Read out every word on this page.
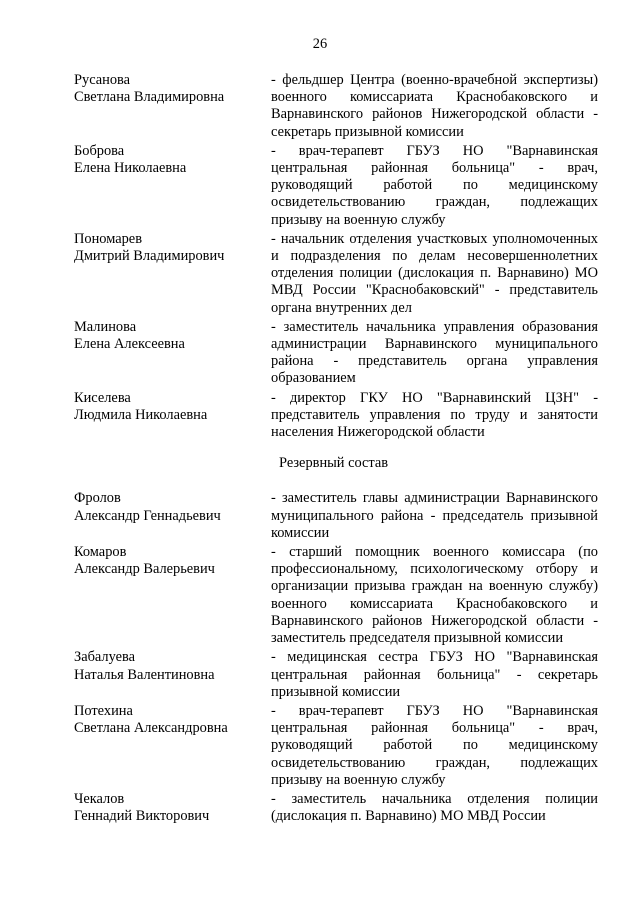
26
Русанова
Светлана Владимировна
- фельдшер Центра (военно-врачебной экспертизы) военного комиссариата Краснобаковского и Варнавинского районов Нижегородской области - секретарь призывной комиссии
Боброва
Елена Николаевна
- врач-терапевт ГБУЗ НО "Варнавинская центральная районная больница" - врач, руководящий работой по медицинскому освидетельствованию граждан, подлежащих призыву на военную службу
Пономарев
Дмитрий Владимирович
- начальник отделения участковых уполномоченных и подразделения по делам несовершеннолетних отделения полиции (дислокация п. Варнавино) МО МВД России "Краснобаковский" - представитель органа внутренних дел
Малинова
Елена Алексеевна
- заместитель начальника управления образования администрации Варнавинского муниципального района - представитель органа управления образованием
Киселева
Людмила Николаевна
- директор ГКУ НО "Варнавинский ЦЗН" - представитель управления по труду и занятости населения Нижегородской области
Резервный состав
Фролов
Александр Геннадьевич
- заместитель главы администрации Варнавинского муниципального района - председатель призывной комиссии
Комаров
Александр Валерьевич
- старший помощник военного комиссара (по профессиональному, психологическому отбору и организации призыва граждан на военную службу) военного комиссариата Краснобаковского и Варнавинского районов Нижегородской области - заместитель председателя призывной комиссии
Забалуева
Наталья Валентиновна
- медицинская сестра ГБУЗ НО "Варнавинская центральная районная больница" - секретарь призывной комиссии
Потехина
Светлана Александровна
- врач-терапевт ГБУЗ НО "Варнавинская центральная районная больница" - врач, руководящий работой по медицинскому освидетельствованию граждан, подлежащих призыву на военную службу
Чекалов
Геннадий Викторович
- заместитель начальника отделения полиции (дислокация п. Варнавино) МО МВД России
